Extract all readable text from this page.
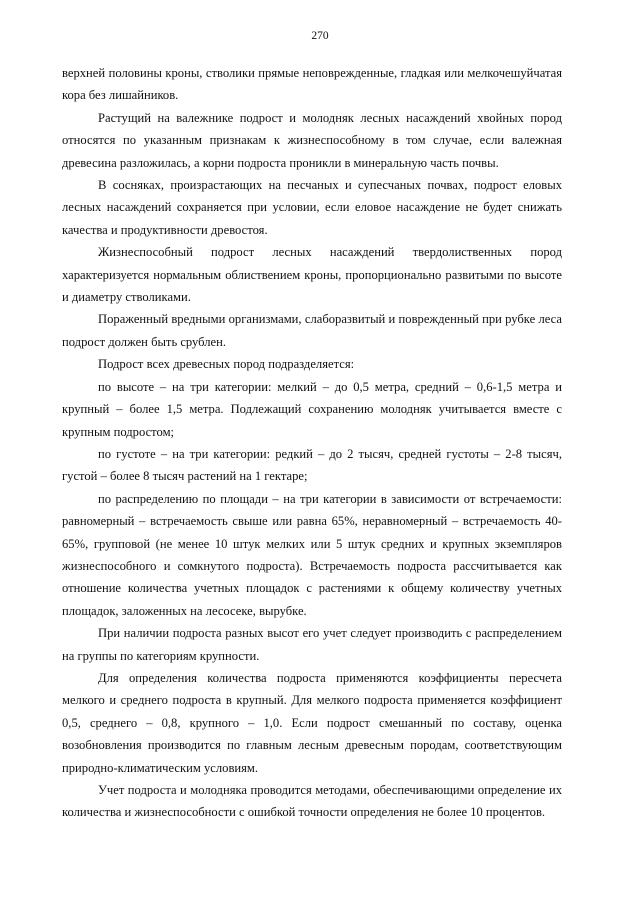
270

верхней половины кроны, стволики прямые неповрежденные, гладкая или мелкочешуйчатая кора без лишайников.

Растущий на валежнике подрост и молодняк лесных насаждений хвойных пород относятся по указанным признакам к жизнеспособному в том случае, если валежная древесина разложилась, а корни подроста проникли в минеральную часть почвы.

В сосняках, произрастающих на песчаных и супесчаных почвах, подрост еловых лесных насаждений сохраняется при условии, если еловое насаждение не будет снижать качества и продуктивности древостоя.

Жизнеспособный подрост лесных насаждений твердолиственных пород характеризуется нормальным облиствением кроны, пропорционально развитыми по высоте и диаметру стволиками.

Пораженный вредными организмами, слаборазвитый и поврежденный при рубке леса подрост должен быть срублен.

Подрост всех древесных пород подразделяется:

по высоте – на три категории: мелкий – до 0,5 метра, средний – 0,6-1,5 метра и крупный – более 1,5 метра. Подлежащий сохранению молодняк учитывается вместе с крупным подростом;

по густоте – на три категории: редкий – до 2 тысяч, средней густоты – 2-8 тысяч, густой – более 8 тысяч растений на 1 гектаре;

по распределению по площади – на три категории в зависимости от встречаемости: равномерный – встречаемость свыше или равна 65%, неравномерный – встречаемость 40-65%, групповой (не менее 10 штук мелких или 5 штук средних и крупных экземпляров жизнеспособного и сомкнутого подроста). Встречаемость подроста рассчитывается как отношение количества учетных площадок с растениями к общему количеству учетных площадок, заложенных на лесосеке, вырубке.

При наличии подроста разных высот его учет следует производить с распределением на группы по категориям крупности.

Для определения количества подроста применяются коэффициенты пересчета мелкого и среднего подроста в крупный. Для мелкого подроста применяется коэффициент 0,5, среднего – 0,8, крупного – 1,0. Если подрост смешанный по составу, оценка возобновления производится по главным лесным древесным породам, соответствующим природно-климатическим условиям.

Учет подроста и молодняка проводится методами, обеспечивающими определение их количества и жизнеспособности с ошибкой точности определения не более 10 процентов.
